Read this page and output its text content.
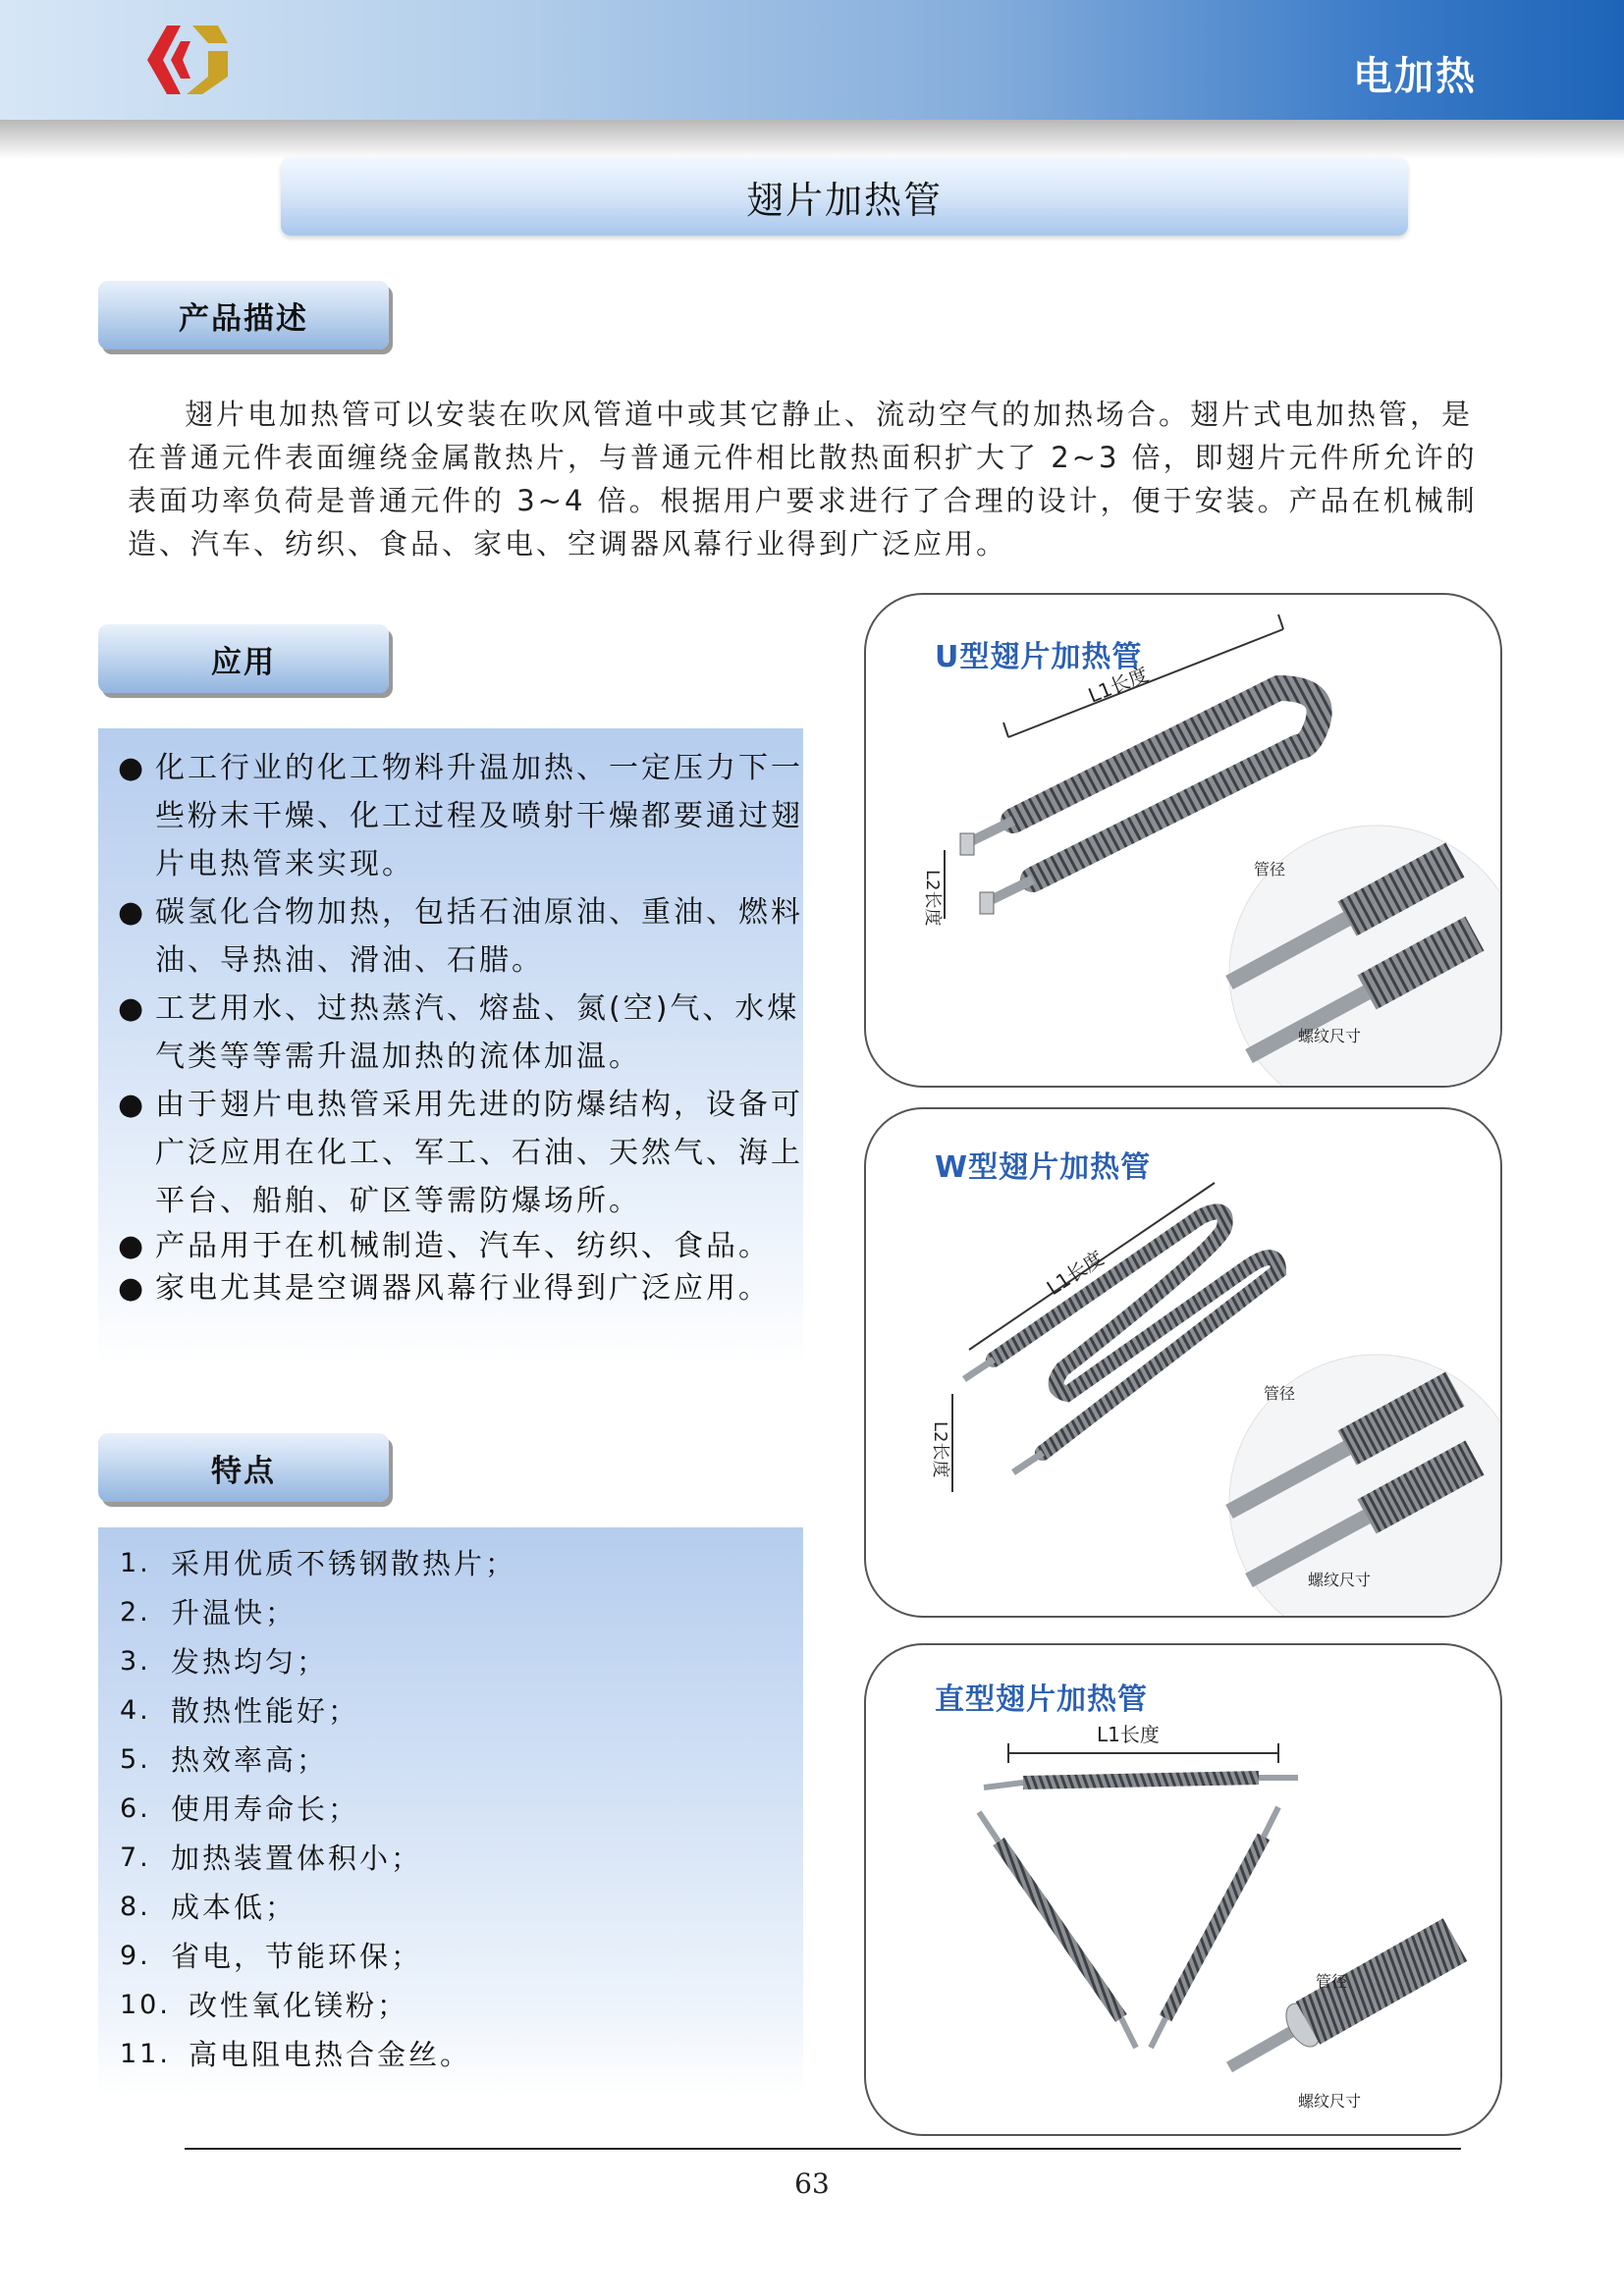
电加热
翅片加热管
产品描述

翅片电加热管可以安装在吹风管道中或其它静止、流动空气的加热场合。翅片式电加热管，是在普通元件表面缠绕金属散热片，与普通元件相比散热面积扩大了 2~3 倍，即翅片元件所允许的表面功率负荷是普通元件的 3~4 倍。根据用户要求进行了合理的设计，便于安装。产品在机械制造、汽车、纺织、食品、家电、空调器风幕行业得到广泛应用。

应用
● 化工行业的化工物料升温加热、一定压力下一些粉末干燥、化工过程及喷射干燥都要通过翅片电热管来实现。
● 碳氢化合物加热，包括石油原油、重油、燃料油、导热油、滑油、石腊。
● 工艺用水、过热蒸汽、熔盐、氮(空)气、水煤气类等等需升温加热的流体加温。
● 由于翅片电热管采用先进的防爆结构，设备可广泛应用在化工、军工、石油、天然气、海上平台、船舶、矿区等需防爆场所。
● 产品用于在机械制造、汽车、纺织、食品。
● 家电尤其是空调器风幕行业得到广泛应用。
特点
1. 采用优质不锈钢散热片；
2. 升温快；
3. 发热均匀；
4. 散热性能好；
5. 热效率高；
6. 使用寿命长；
7. 加热装置体积小；
8. 成本低；
9. 省电，节能环保；
10. 改性氧化镁粉；
11. 高电阻电热合金丝。
U型翅片加热管
L1长度
L2长度
管径
螺纹尺寸
W型翅片加热管
L1长度
L2长度
管径
螺纹尺寸
直型翅片加热管
L1长度
管径
螺纹尺寸
63
